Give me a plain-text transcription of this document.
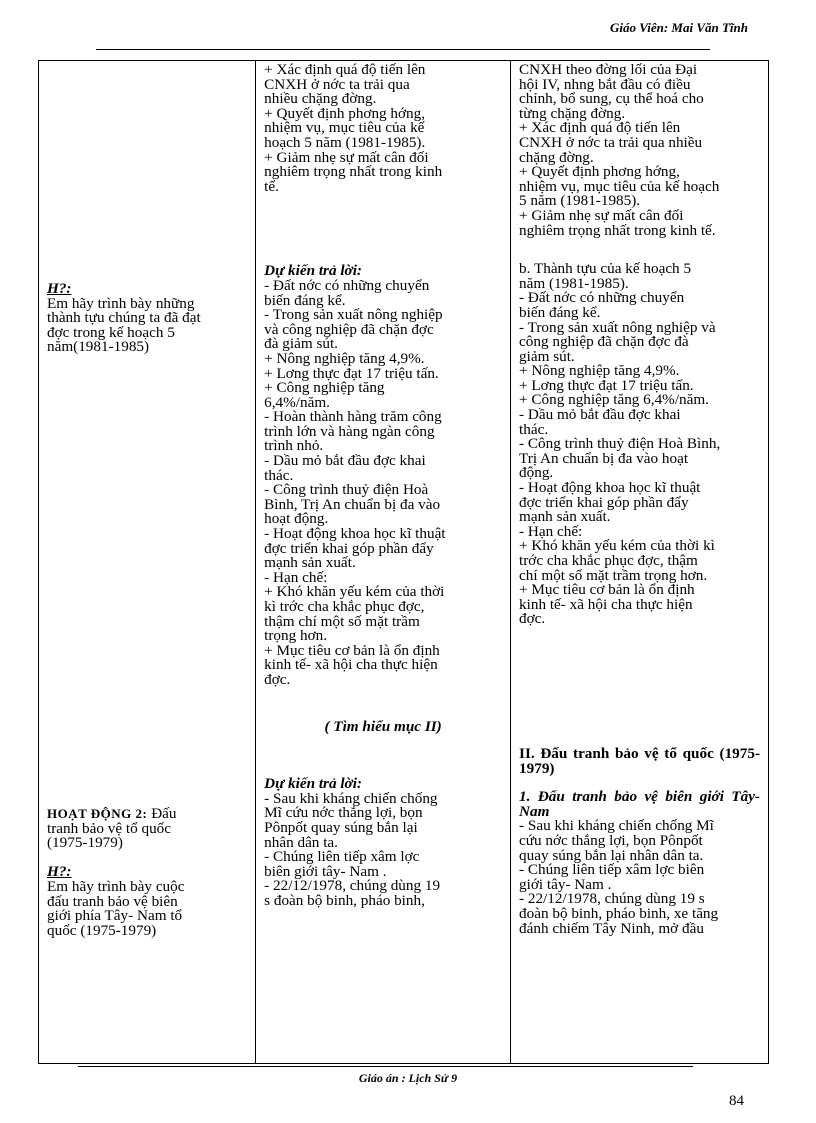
Giáo Viên: Mai Văn Tĩnh
H?:
Em hãy trình bày những
thành tựu chúng ta đã đạt
đợc trong kế hoạch 5
năm(1981-1985)
HOẠT ĐỘNG 2: Đấu
tranh bảo vệ tổ quốc
(1975-1979)
H?:
Em hãy trình bày cuộc
đấu tranh bảo vệ biên
giới phía Tây- Nam tổ
quốc (1975-1979)

+ Xác định quá độ tiến lên
CNXH ở nớc ta trải qua
nhiều chặng đờng.
+ Quyết định phơng hớng,
nhiệm vụ, mục tiêu của kế
hoạch 5 năm (1981-1985).
+ Giảm nhẹ sự mất cân đối
nghiêm trọng nhất trong kinh
tế.
Dự kiến trả lời:
- Đất nớc có những chuyển
biến đáng kể.
- Trong sản xuất nông nghiệp
và công nghiệp đã chặn đợc
đà giảm sút.
+ Nông nghiệp tăng 4,9%.
+ Lơng thực đạt 17 triệu tấn.
+ Công nghiệp tăng
6,4%/năm.
- Hoàn thành hàng trăm công
trình lớn và hàng ngàn công
trình nhỏ.
- Dầu mỏ bắt đầu đợc khai
thác.
- Công trình thuỷ điện Hoà
Bình, Trị An chuẩn bị đa vào
hoạt động.
- Hoạt động khoa học kĩ thuật
đợc triển khai góp phần đẩy
mạnh sản xuất.
- Hạn chế:
+ Khó khăn yếu kém của thời
kì trớc cha khắc phục đợc,
thậm chí một số mặt trầm
trọng hơn.
+ Mục tiêu cơ bản là ổn định
kinh tế- xã hội cha thực hiện
đợc.
( Tìm hiểu mục II)
Dự kiến trả lời:
- Sau khi kháng chiến chống
Mĩ cứu nớc thắng lợi, bọn
Pônpốt quay súng bắn lại
nhân dân ta.
- Chúng liên tiếp xâm lợc
biên giới tây- Nam .
- 22/12/1978, chúng dùng 19
s đoàn bộ binh, pháo binh,

CNXH theo đờng lối của Đại
hội IV, nhng bắt đầu có điều
chỉnh, bổ sung, cụ thể hoá cho
từng chặng đờng.
+ Xác định quá độ tiến lên
CNXH ở nớc ta trải qua nhiều
chặng đờng.
+ Quyết định phơng hớng,
nhiệm vụ, mục tiêu của kế hoạch
5 năm (1981-1985).
+ Giảm nhẹ sự mất cân đối
nghiêm trọng nhất trong kinh tế.
b. Thành tựu của kế hoạch 5
năm (1981-1985).
- Đất nớc có những chuyển
biến đáng kể.
- Trong sản xuất nông nghiệp và
công nghiệp đã chặn đợc đà
giảm sút.
+ Nông nghiệp tăng 4,9%.
+ Lơng thực đạt 17 triệu tấn.
+ Công nghiệp tăng 6,4%/năm.
- Dầu mỏ bắt đầu đợc khai
thác.
- Công trình thuỷ điện Hoà Bình,
Trị An chuẩn bị đa vào hoạt
động.
- Hoạt động khoa học kĩ thuật
đợc triển khai góp phần đẩy
mạnh sản xuất.
- Hạn chế:
+ Khó khăn yếu kém của thời kì
trớc cha khắc phục đợc, thậm
chí một số mặt trầm trọng hơn.
+ Mục tiêu cơ bản là ổn định
kinh tế- xã hội cha thực hiện
đợc.
II. Đấu tranh bảo vệ tổ quốc (1975-1979)
1. Đấu tranh bảo vệ biên giới Tây- Nam
- Sau khi kháng chiến chống Mĩ
cứu nớc thắng lợi, bọn Pônpốt
quay súng bắn lại nhân dân ta.
- Chúng liên tiếp xâm lợc biên
giới tây- Nam .
- 22/12/1978, chúng dùng 19 s
đoàn bộ binh, pháo binh, xe tăng
đánh chiếm Tây Ninh, mở đầu
Giáo án : Lịch Sử 9
84
